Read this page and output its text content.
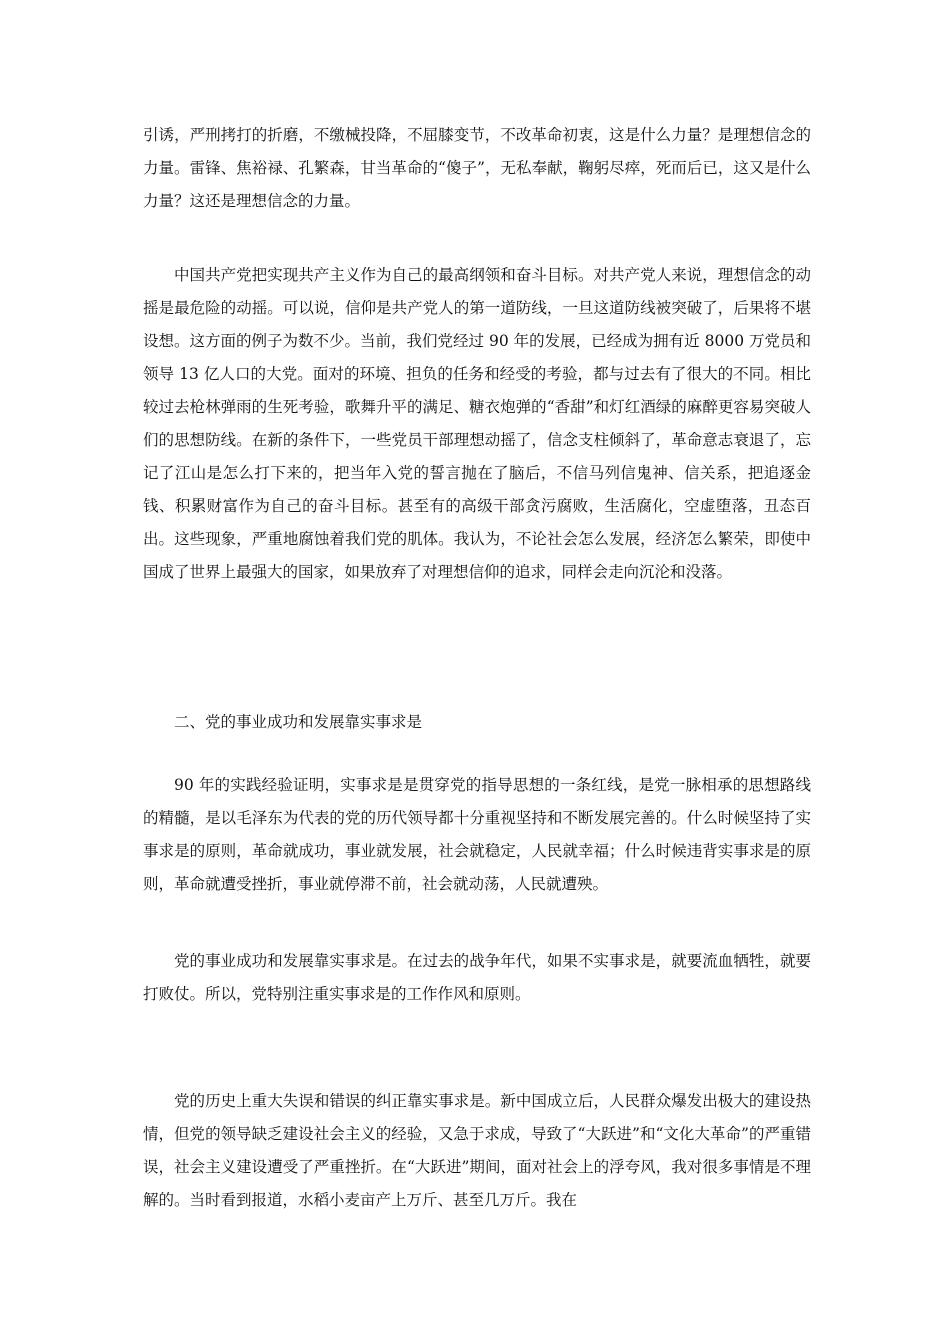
引诱，严刑拷打的折磨，不缴械投降，不屈膝变节，不改革命初衷，这是什么力量？是理想信念的力量。雷锋、焦裕禄、孔繁森，甘当革命的“傻子”，无私奉献，鞠躬尽瘁，死而后已，这又是什么力量？这还是理想信念的力量。

中国共产党把实现共产主义作为自己的最高纲领和奋斗目标。对共产党人来说，理想信念的动摇是最危险的动摇。可以说，信仰是共产党人的第一道防线，一旦这道防线被突破了，后果将不堪设想。这方面的例子为数不少。当前，我们党经过 90 年的发展，已经成为拥有近 8000 万党员和领导 13 亿人口的大党。面对的环境、担负的任务和经受的考验，都与过去有了很大的不同。相比较过去枪林弹雨的生死考验，歌舞升平的满足、糖衣炮弹的“香甜”和灯红酒绿的麻醉更容易突破人们的思想防线。在新的条件下，一些党员干部理想动摇了，信念支柱倾斜了，革命意志衰退了，忘记了江山是怎么打下来的，把当年入党的誓言抛在了脑后，不信马列信鬼神、信关系，把追逐金钱、积累财富作为自己的奋斗目标。甚至有的高级干部贪污腐败，生活腐化，空虚堕落，丑态百出。这些现象，严重地腐蚀着我们党的肌体。我认为，不论社会怎么发展，经济怎么繁荣，即使中国成了世界上最强大的国家，如果放弃了对理想信仰的追求，同样会走向沉沦和没落。

二、党的事业成功和发展靠实事求是

90 年的实践经验证明，实事求是是贯穿党的指导思想的一条红线，是党一脉相承的思想路线的精髓，是以毛泽东为代表的党的历代领导都十分重视坚持和不断发展完善的。什么时候坚持了实事求是的原则，革命就成功，事业就发展，社会就稳定，人民就幸福；什么时候违背实事求是的原则，革命就遭受挫折，事业就停滞不前，社会就动荡，人民就遭殃。

党的事业成功和发展靠实事求是。在过去的战争年代，如果不实事求是，就要流血牺牲，就要打败仗。所以，党特别注重实事求是的工作作风和原则。

党的历史上重大失误和错误的纠正靠实事求是。新中国成立后，人民群众爆发出极大的建设热情，但党的领导缺乏建设社会主义的经验，又急于求成，导致了“大跃进”和“文化大革命”的严重错误，社会主义建设遭受了严重挫折。在“大跃进”期间，面对社会上的浮夸风，我对很多事情是不理解的。当时看到报道，水稻小麦亩产上万斤、甚至几万斤。我在
